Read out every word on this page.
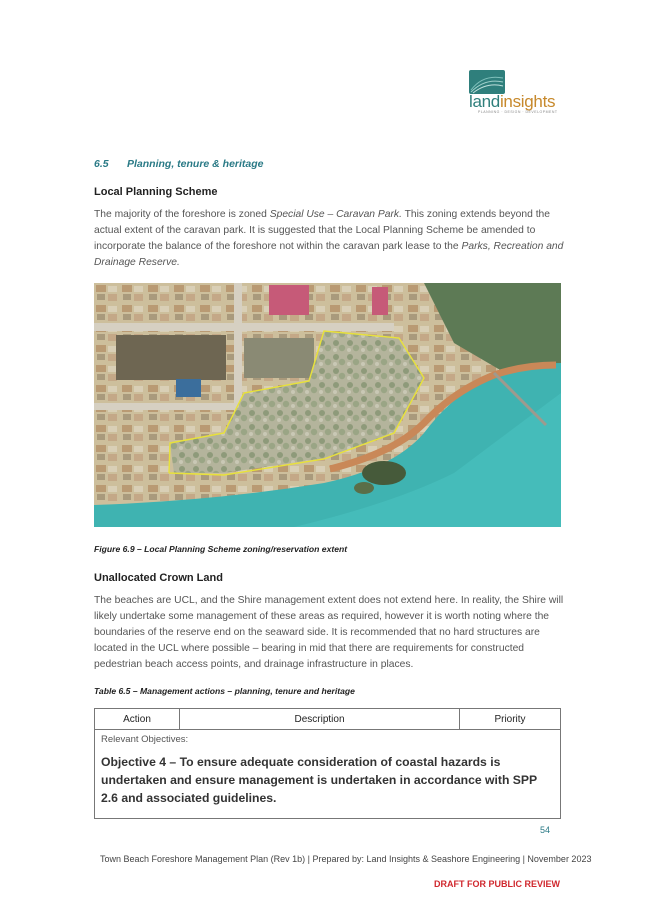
landinsights
PLANNING · DESIGN · DEVELOPMENT
6.5 Planning, tenure & heritage
Local Planning Scheme
The majority of the foreshore is zoned Special Use – Caravan Park. This zoning extends beyond the actual extent of the caravan park. It is suggested that the Local Planning Scheme be amended to incorporate the balance of the foreshore not within the caravan park lease to the Parks, Recreation and Drainage Reserve.
Figure 6.9 – Local Planning Scheme zoning/reservation extent
Unallocated Crown Land
The beaches are UCL, and the Shire management extent does not extend here. In reality, the Shire will likely undertake some management of these areas as required, however it is worth noting where the boundaries of the reserve end on the seaward side. It is recommended that no hard structures are located in the UCL where possible – bearing in mid that there are requirements for constructed pedestrian beach access points, and drainage infrastructure in places.
Table 6.5 – Management actions – planning, tenure and heritage
Action	Description	Priority

Relevant Objectives:
Objective 4 – To ensure adequate consideration of coastal hazards is undertaken and ensure management is undertaken in accordance with SPP 2.6 and associated guidelines.
54
Town Beach Foreshore Management Plan (Rev 1b) | Prepared by: Land Insights & Seashore Engineering | November 2023
DRAFT FOR PUBLIC REVIEW
